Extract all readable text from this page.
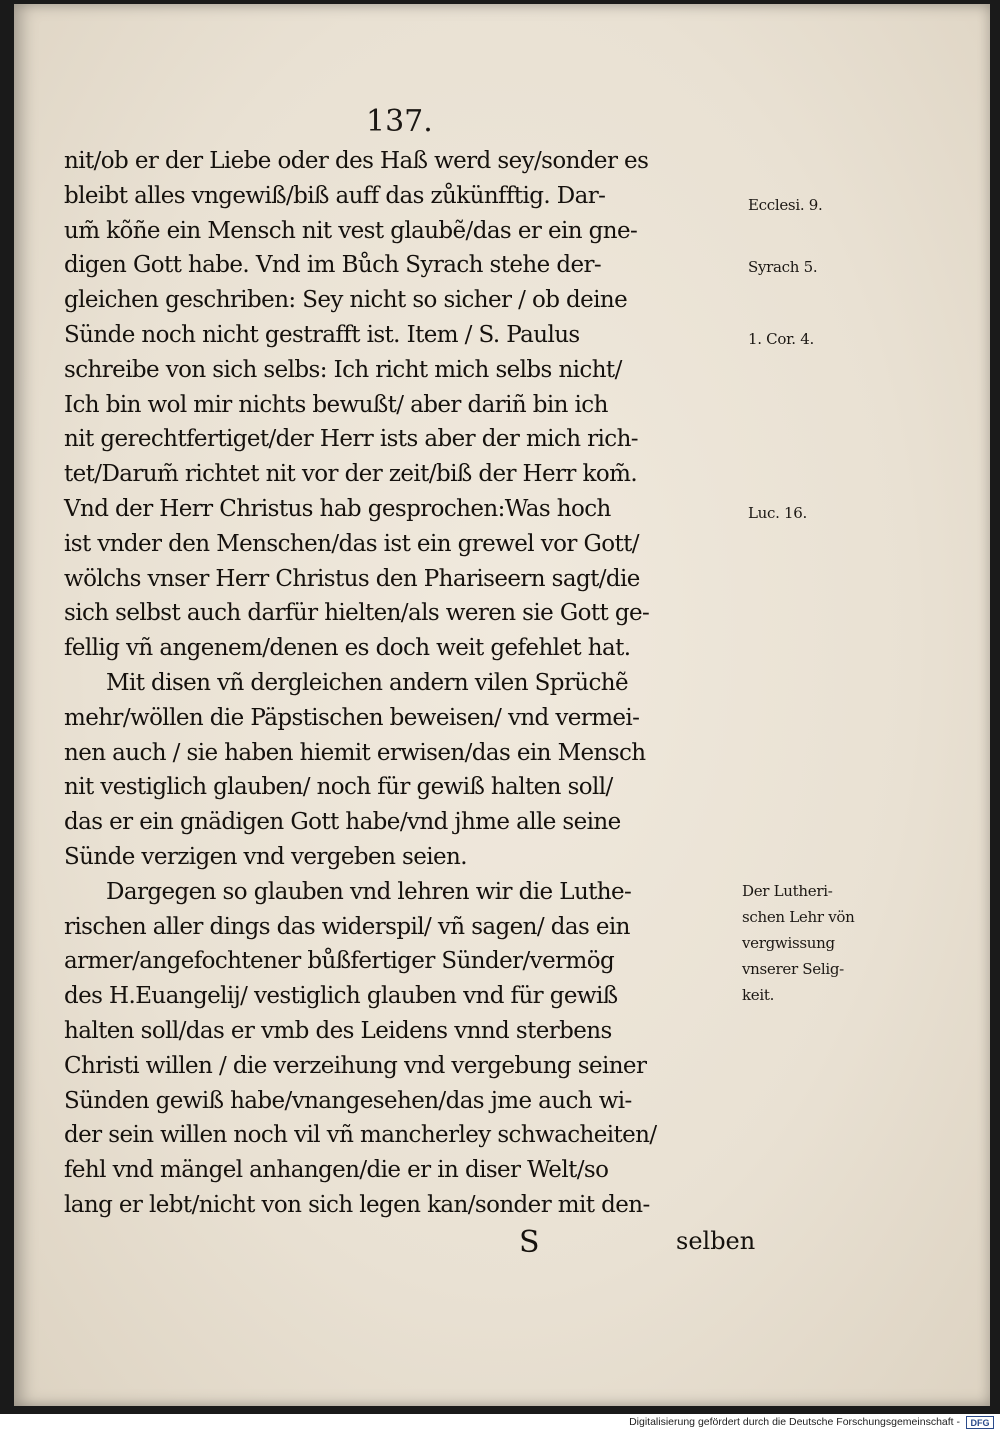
137.
nit/ob er der Liebe oder des Haß werd sey/sonder es
bleibt alles vngewiß/biß auff das zůkünfftig. Dar-
um̃ kõñe ein Mensch nit vest glaubẽ/das er ein gne-
digen Gott habe. Vnd im Bůch Syrach stehe der-
gleichen geschriben: Sey nicht so sicher / ob deine
Sünde noch nicht gestrafft ist. Item / S. Paulus
schreibe von sich selbs: Ich richt mich selbs nicht/
Ich bin wol mir nichts bewußt/ aber dariñ bin ich
nit gerechtfertiget/der Herr ists aber der mich rich-
tet/Darum̃ richtet nit vor der zeit/biß der Herr kom̃.
Vnd der Herr Christus hab gesprochen:Was hoch
ist vnder den Menschen/das ist ein grewel vor Gott/
wölchs vnser Herr Christus den Phariseern sagt/die
sich selbst auch darfür hielten/als weren sie Gott ge-
fellig vñ angenem/denen es doch weit gefehlet hat.
Mit disen vñ dergleichen andern vilen Sprüchẽ
mehr/wöllen die Päpstischen beweisen/ vnd vermei-
nen auch / sie haben hiemit erwisen/das ein Mensch
nit vestiglich glauben/ noch für gewiß halten soll/
das er ein gnädigen Gott habe/vnd jhme alle seine
Sünde verzigen vnd vergeben seien.
Dargegen so glauben vnd lehren wir die Luthe-
rischen aller dings das widerspil/ vñ sagen/ das ein
armer/angefochtener bůßfertiger Sünder/vermög
des H.Euangelij/ vestiglich glauben vnd für gewiß
halten soll/das er vmb des Leidens vnnd sterbens
Christi willen / die verzeihung vnd vergebung seiner
Sünden gewiß habe/vnangesehen/das jme auch wi-
der sein willen noch vil vñ mancherley schwacheiten/
fehl vnd mängel anhangen/die er in diser Welt/so
lang er lebt/nicht von sich legen kan/sonder mit den-
S	selben
Ecclesi. 9.
Syrach 5.
1. Cor. 4.
Luc. 16.
Der Lutheri-
schen Lehr vön
vergwissung
vnserer Selig-
keit.
Digitalisierung gefördert durch die Deutsche Forschungsgemeinschaft -	DFG
